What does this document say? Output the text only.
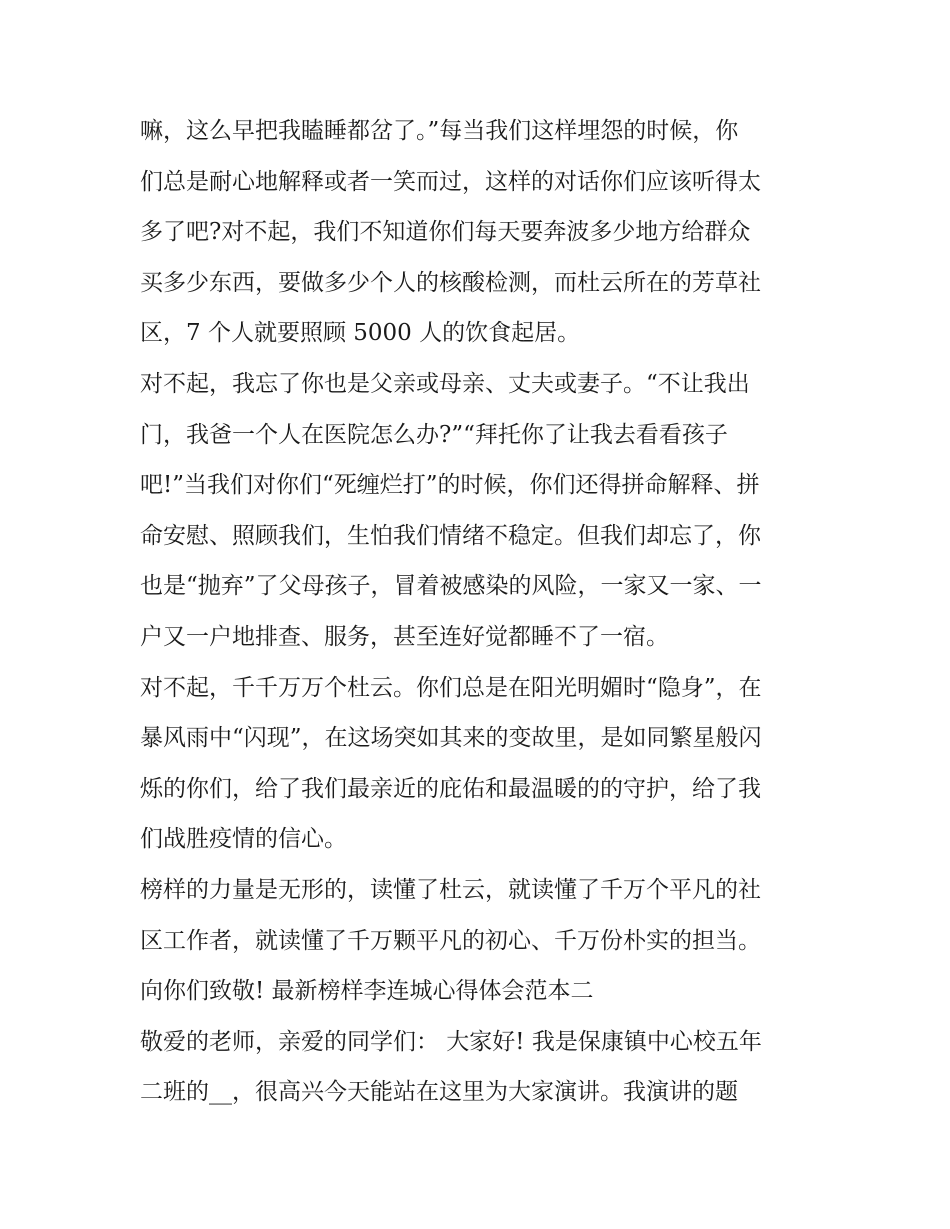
嘛，这么早把我瞌睡都岔了。”每当我们这样埋怨的时候，你
们总是耐心地解释或者一笑而过，这样的对话你们应该听得太
多了吧?对不起，我们不知道你们每天要奔波多少地方给群众
买多少东西，要做多少个人的核酸检测，而杜云所在的芳草社
区，7 个人就要照顾 5000 人的饮食起居。
对不起，我忘了你也是父亲或母亲、丈夫或妻子。“不让我出
门，我爸一个人在医院怎么办?”“拜托你了让我去看看孩子
吧!”当我们对你们“死缠烂打”的时候，你们还得拼命解释、拼
命安慰、照顾我们，生怕我们情绪不稳定。但我们却忘了，你
也是“抛弃”了父母孩子，冒着被感染的风险，一家又一家、一
户又一户地排查、服务，甚至连好觉都睡不了一宿。
对不起，千千万万个杜云。你们总是在阳光明媚时“隐身”，在
暴风雨中“闪现”，在这场突如其来的变故里，是如同繁星般闪
烁的你们，给了我们最亲近的庇佑和最温暖的的守护，给了我
们战胜疫情的信心。
榜样的力量是无形的，读懂了杜云，就读懂了千万个平凡的社
区工作者，就读懂了千万颗平凡的初心、千万份朴实的担当。
向你们致敬! 最新榜样李连城心得体会范本二
敬爱的老师，亲爱的同学们： 大家好! 我是保康镇中心校五年
二班的__，很高兴今天能站在这里为大家演讲。我演讲的题
